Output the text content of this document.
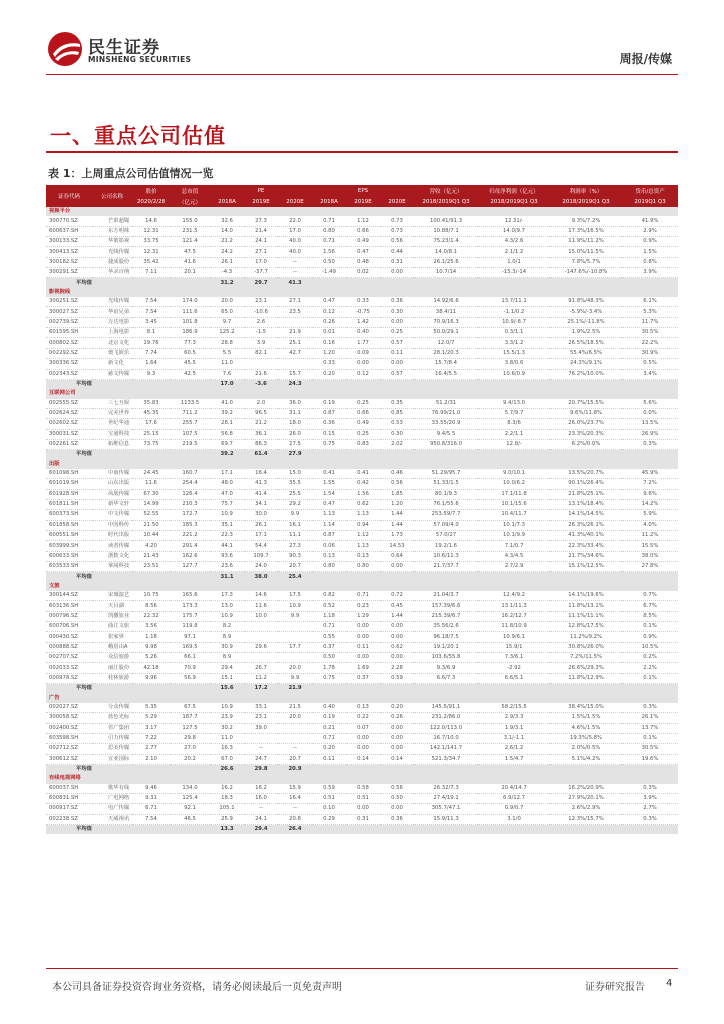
民生证券
MINSHENG SECURITIES	周报/传媒
一、重点公司估值
表 1：上周重点公司估值情况一览
证券代码	公司名称	股价	总市值	PE			EPS			营收（亿元）	归母净利润（亿元）	利润率（%）	货币/总资产
		2020/2/28	（亿元）	2018A	2019E	2020E	2018A	2019E	2020E	2018/2019Q1 Q3	2018/2019Q1 Q3	2018/2019Q1 Q3	2019Q1 Q3
视频平台													
300770.SZ	芒果超媒	14.6	155.0	32.6	27.3	22.0	0.71	1.12	0.73	100.41/91.3	12.31/-	9.3%/7.2%	41.9%
600637.SH	东方明珠	12.31	231.5	14.0	21.4	17.0	0.80	0.66	0.73	10.88/7.1	14.0/9.7	17.3%/16.5%	2.9%
300133.SZ	华策影视	33.75	121.4	21.2	24.1	40.0	0.71	0.49	0.56	75.23/1.4	4.3/2.6	11.9%/11.2%	0.9%
300413.SZ	光线传媒	12.31	47.5	24.2	27.1	40.0	1.56	0.47	0.44	14.0/8.1	2.1/1.2	15.0%/11.5%	1.5%
300182.SZ	捷成股份	35.42	41.6	26.1	17.0	--	0.50	0.48	0.31	26.1/25.6	1.0/1	7.8%/5.7%	0.8%
300291.SZ	华录百纳	7.11	20.1	-4.3	-37.7	--	-1.49	0.02	0.00	10.7/14	-15.3/-14	-147.6%/-10.8%	3.9%
平均值				31.2	29.7	41.3							
影视院线													
300251.SZ	光线传媒	7.54	174.0	20.0	23.1	27.1	0.47	0.33	0.36	14.92/6.6	13.7/11.1	91.8%/48.3%	6.1%
300027.SZ	华谊兄弟	7.54	111.6	65.0	-10.6	23.5	0.12	-0.75	0.30	38.4/11	-1.1/0.2	-5.9%/-3.4%	5.3%
002739.SZ	万达电影	3.45	101.8	9.7	2.6		0.26	1.42	0.00	70.9/16.3	10.9/-8.7	25.1%/-11.8%	11.7%
601595.SH	上海电影	8.1	186.9	125.2	-1.5	21.9	0.01	0.40	0.25	50.0/29.1	0.3/1.1	1.9%/2.5%	30.5%
000802.SZ	北京文化	19.76	77.3	28.8	3.9	25.1	0.16	1.77	0.57	12.0/7	3.3/1.2	26.5%/18.5%	22.2%
002292.SZ	奥飞娱乐	7.74	60.5	5.5	82.1	42.7	1.20	0.09	0.11	28.1/20.3	15.5/1.3	55.4%/6.5%	30.9%
300336.SZ	新文化	1.64	45.5	11.0			0.33	0.00	0.00	15.7/8.4	3.8/0.6	24.3%/9.1%	0.5%
002343.SZ	慈文传媒	9.3	42.5	7.6	21.6	15.7	0.20	0.12	0.57	16.4/5.5	10.6/0.9	76.2%/10.0%	3.4%
平均值				17.0	-3.6	24.3							
互联网公司													
002555.SZ	三七互娱	35.83	1133.5	41.0	2.0	36.0	0.19	0.25	0.35	51.2/31	9.4/13.0	20.7%/15.5%	5.6%
002624.SZ	完美世界	45.35	711.2	39.2	96.5	31.1	0.87	0.66	0.85	76.99/21.0	5.7/9.7	9.6%/11.8%	0.0%
002602.SZ	世纪华通	17.6	255.7	28.1	21.2	18.0	0.36	0.49	0.53	33.55/20.9	8.3/6	26.0%/23.7%	13.5%
300031.SZ	宝通科技	25.15	107.5	56.8	36.1	26.0	0.15	0.25	0.30	9.4/5.5	2.2/1.1	23.3%/20.3%	26.9%
002261.SZ	拓维信息	73.75	219.5	69.7	86.3	27.5	0.75	0.83	2.02	950.8/316.0	12.8/-	6.2%/0.0%	0.3%
平均值				39.2	61.4	27.9							
出版													
601098.SH	中南传媒	24.45	160.7	17.1	16.4	15.0	0.41	0.41	0.46	51.29/95.7	9.0/10.1	13.5%/20.7%	45.9%
601019.SH	山东出版	11.6	254.4	48.0	41.3	35.5	1.55	0.42	0.56	51.33/1.5	10.0/6.2	90.1%/26.4%	7.2%
601928.SH	凤凰传媒	67.30	126.4	47.0	41.4	25.5	1.54	1.56	1.85	80.1/9.3	17.1/11.8	21.8%/25.1%	9.6%
601811.SH	新华文轩	14.99	210.3	75.7	34.1	29.2	0.47	0.62	1.20	76.1/55.6	10.1/15.6	13.1%/18.4%	14.2%
600373.SH	中文传媒	52.55	172.7	10.9	30.0	9.9	1.13	1.13	1.44	253.59/7.7	10.4/11.7	14.1%/14.5%	5.9%
601858.SH	中国科传	21.50	185.3	35.1	26.1	16.1	1.14	0.94	1.44	57.09/4.0	10.1/7.3	26.3%/26.1%	4.0%
600551.SH	时代出版	10.44	221.2	22.3	17.1	11.1	0.87	1.12	1.73	57.0/27	10.1/9.9	41.3%/40.1%	11.2%
603999.SH	读者传媒	4.20	291.4	44.1	54.4	27.3	0.06	1.13	14.53	19.2/1.6	7.1/0.7	22.3%/33.4%	15.5%
600633.SH	浙数文化	21.43	162.6	93.6	109.7	90.3	0.13	0.13	0.64	10.6/11.3	4.3/4.5	21.7%/34.6%	38.0%
603533.SH	掌阅科技	23.51	127.7	23.6	24.0	20.7	0.80	0.80	0.00	21.7/37.7	2.7/2.9	15.1%/12.5%	27.8%
平均值				31.1	38.0	25.4							
文旅													
300144.SZ	宋城演艺	10.75	165.6	17.3	14.6	17.5	0.82	0.71	0.72	21.04/3.7	12.4/9.2	14.1%/19.6%	0.7%
603136.SH	天目湖	8.56	173.3	13.0	11.6	10.9	0.52	0.23	0.45	157.39/6.6	13.1/11.3	11.8%/13.1%	6.7%
000796.SZ	凯撒旅业	22.32	175.7	10.9	10.0	9.9	1.18	1.29	1.44	215.39/6.7	16.2/12.7	11.1%/11.1%	8.5%
600706.SH	曲江文旅	3.56	119.8	8.2			0.71	0.00	0.00	35.56/2.6	11.8/10.9	12.8%/17.5%	0.1%
000430.SZ	张家界	1.18	97.1	8.9			0.55	0.00	0.00	96.18/7.5	10.9/6.1	11.2%/9.2%	0.9%
000888.SZ	峨眉山A	9.98	169.5	30.9	29.6	17.7	0.37	0.11	0.62	19.1/20.1	15.9/1	30.8%/26.0%	10.5%
002707.SZ	众信旅游	5.26	66.1	8.9			0.50	0.00	0.00	103.6/55.8	7.3/6.1	7.2%/11.5%	0.2%
002033.SZ	丽江股份	42.18	70.9	29.4	26.7	20.0	1.78	1.69	2.28	9.3/6.9	-2.92	26.6%/29.3%	2.2%
000978.SZ	桂林旅游	9.96	56.9	15.1	11.2	9.9	0.75	0.37	0.59	6.6/7.3	6.6/5.1	11.8%/12.9%	0.1%
平均值				15.6	17.2	21.9							
广告													
002027.SZ	分众传媒	5.35	67.5	10.9	33.1	21.5	0.40	0.13	0.20	145.5/91.1	58.2/15.5	38.4%/15.0%	0.3%
300058.SZ	蓝色光标	5.29	187.7	23.9	23.1	20.0	0.19	0.22	0.26	231.2/86.0	2.9/3.3	1.5%/1.5%	26.1%
002400.SZ	省广集团	3.17	127.5	30.2	39.0		0.21	0.07	0.00	122.0/113.0	1.9/3.1	4.6%/1.5%	13.7%
603598.SH	引力传媒	7.22	29.8	11.0			0.71	0.00	0.00	16.7/10.0	3.1/-1.1	19.3%/5.8%	0.1%
002712.SZ	思美传媒	2.77	27.0	16.3	--	--	0.20	0.00	0.00	142.1/141.7	2.6/1.2	2.0%/0.5%	30.5%
300612.SZ	宣亚国际	2.10	20.2	67.0	24.7	20.7	0.11	0.14	0.14	521.3/34.7	1.5/4.7	5.1%/4.2%	19.6%
平均值				26.6	29.8	20.9							
有线电视网络													
600037.SH	歌华有线	9.46	134.0	16.2	16.2	15.9	0.59	0.58	0.56	26.32/7.3	20.4/14.7	16.2%/20.9%	0.3%
600831.SH	广电网络	9.31	125.4	18.3	16.0	16.4	0.51	0.51	0.50	27.4/19.1	6.9/12.7	27.9%/20.1%	3.9%
000917.SZ	电广传媒	6.71	92.1	105.1	--	--	0.10	0.00	0.00	305.7/47.1	0.9/0.7	2.6%/2.9%	2.7%
002238.SZ	天威视讯	7.54	46.5	25.9	24.1	20.8	0.29	0.31	0.36	15.9/11.3	3.1/0	12.3%/15.7%	0.3%
平均值				13.3	29.4	26.4							
本公司具备证券投资咨询业务资格，请务必阅读最后一页免责声明	证券研究报告 4
